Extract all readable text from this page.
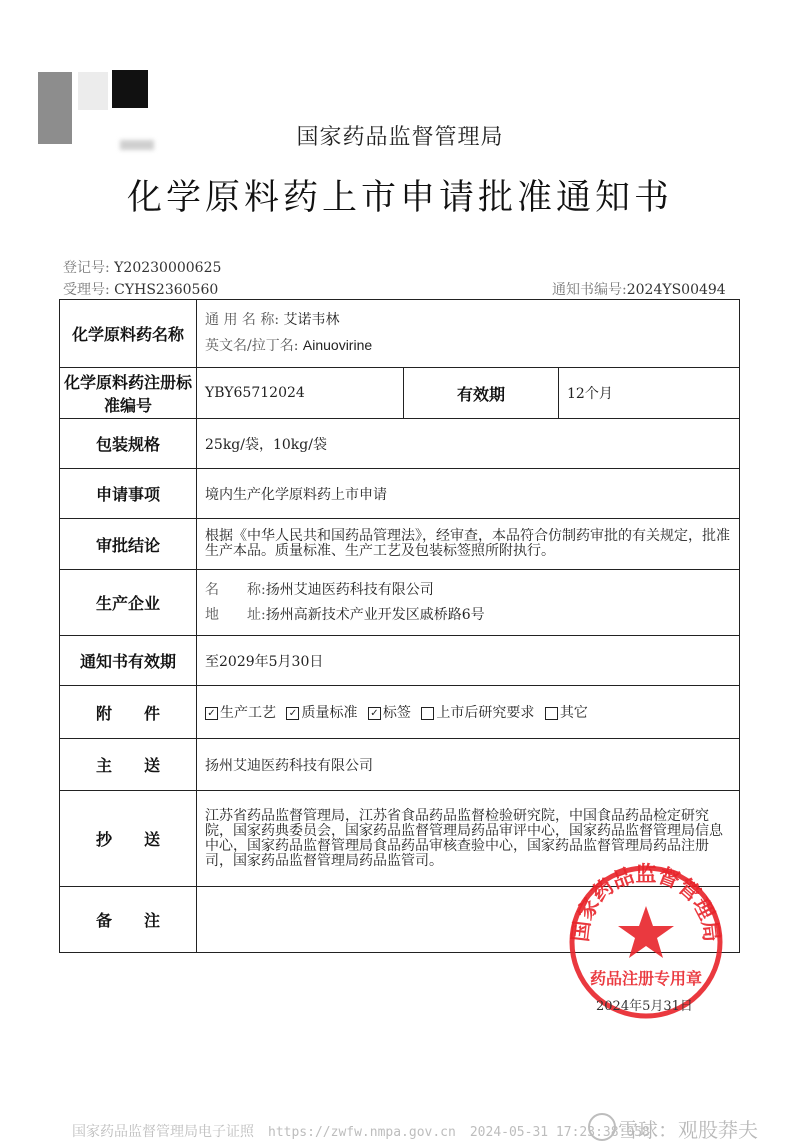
国家药品监督管理局
化学原料药上市申请批准通知书
登记号: Y20230000625
受理号: CYHS2360560	通知书编号:2024YS00494
化学原料药名称	通 用 名 称: 艾诺韦林
英文名/拉丁名: Ainuovirine		

化学原料药注册标准编号	YBY65712024	有效期	12个月
包装规格	25kg/袋，10kg/袋		
申请事项	境内生产化学原料药上市申请		
审批结论	根据《中华人民共和国药品管理法》，经审查，本品符合仿制药审批的有关规定，批准生产本品。质量标准、生产工艺及包装标签照所附执行。		
生产企业	名　　称:扬州艾迪医药科技有限公司
地　　址:扬州高新技术产业开发区戚桥路6号		

通知书有效期	至2029年5月30日		
附　　件	✓ 生产工艺 ✓ 质量标准 ✓ 标签 上市后研究要求 其它		
主　　送	扬州艾迪医药科技有限公司		
抄　　送	江苏省药品监督管理局，江苏省食品药品监督检验研究院，中国食品药品检定研究院，国家药典委员会，国家药品监督管理局药品审评中心，国家药品监督管理局信息中心，国家药品监督管理局食品药品审核查验中心，国家药品监督管理局药品注册司，国家药品监督管理局药品监管司。		
备　　注				国家药品监督管理局
药品注册专用章
2024年5月31日
国家药品监督管理局电子证照 https://zwfw.nmpa.gov.cn 2024-05-31 17:23:38:058
雪球：观股莽夫
